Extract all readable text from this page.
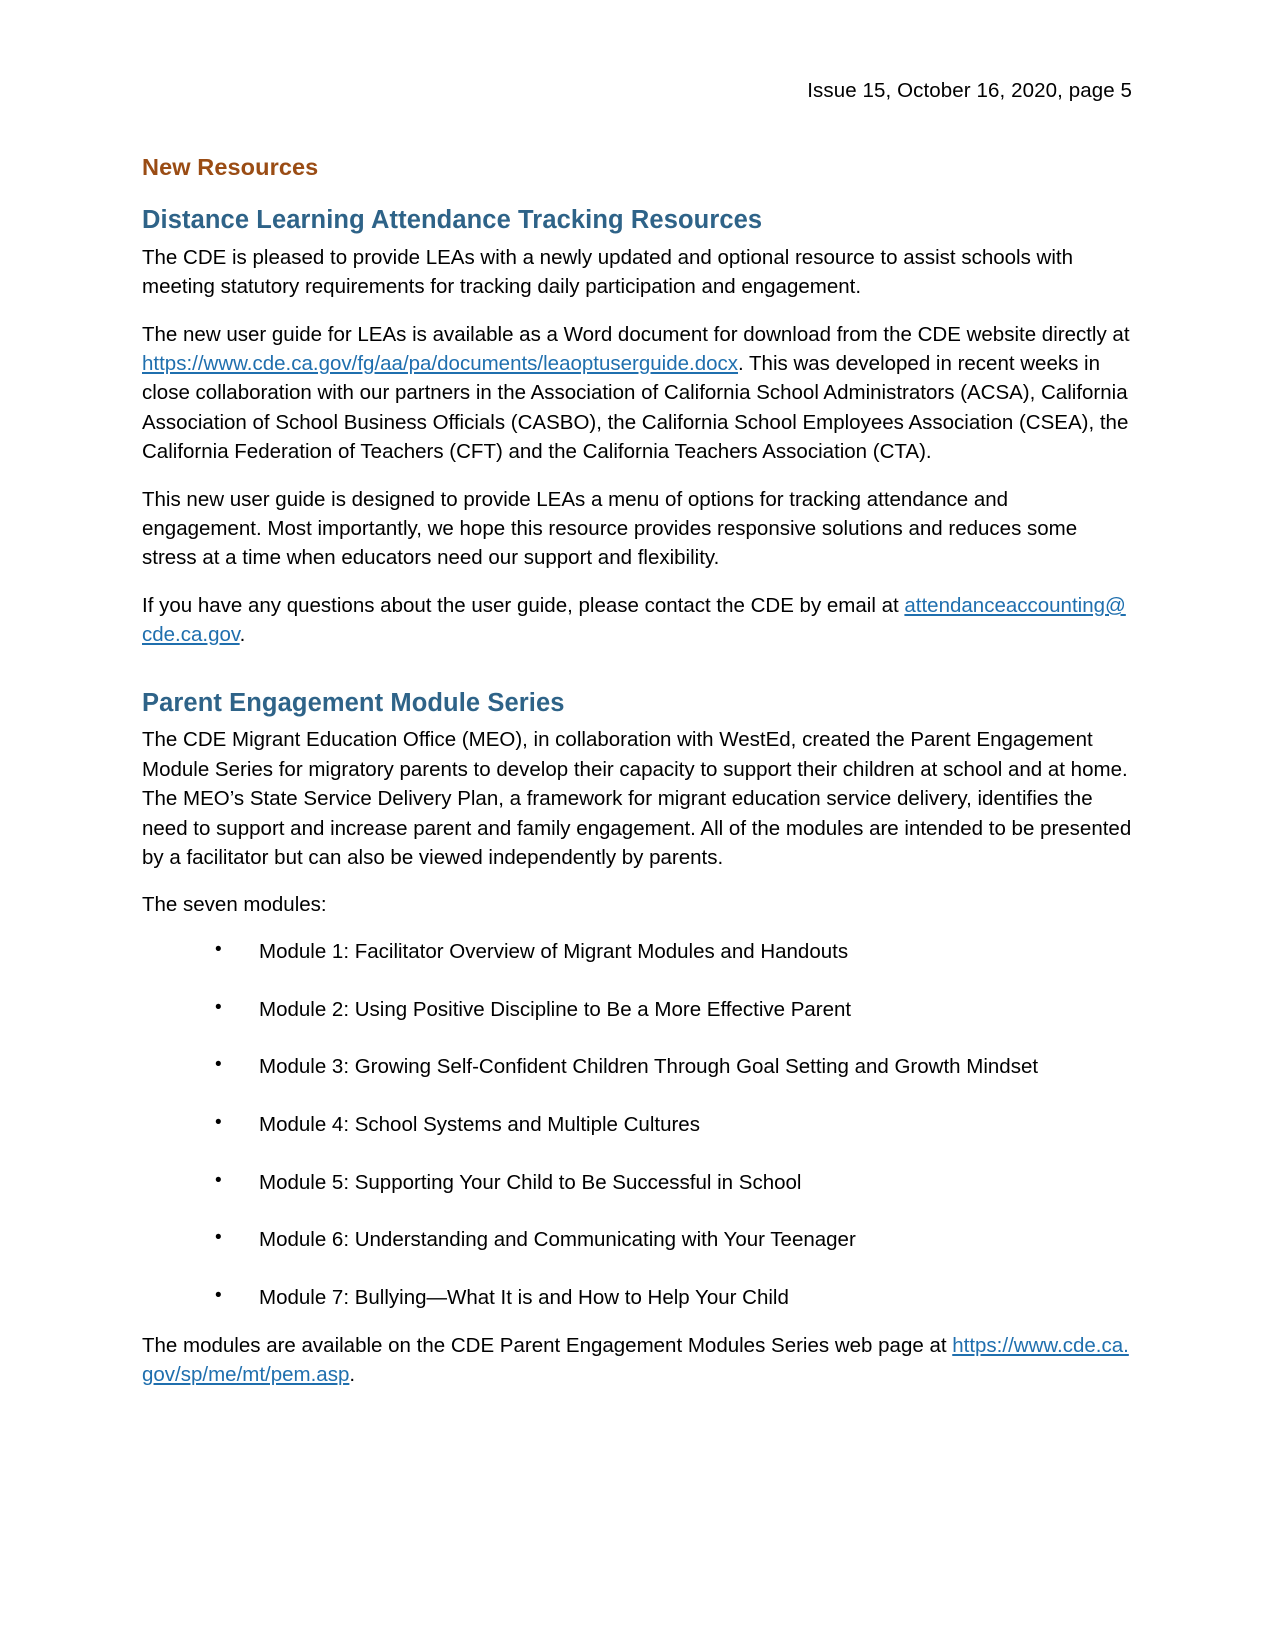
Issue 15, October 16, 2020, page 5
New Resources
Distance Learning Attendance Tracking Resources

The CDE is pleased to provide LEAs with a newly updated and optional resource to assist schools with meeting statutory requirements for tracking daily participation and engagement.

The new user guide for LEAs is available as a Word document for download from the CDE website directly at https://www.cde.ca.gov/fg/aa/pa/documents/leaoptuserguide.docx. This was developed in recent weeks in close collaboration with our partners in the Association of California School Administrators (ACSA), California Association of School Business Officials (CASBO), the California School Employees Association (CSEA), the California Federation of Teachers (CFT) and the California Teachers Association (CTA).

This new user guide is designed to provide LEAs a menu of options for tracking attendance and engagement. Most importantly, we hope this resource provides responsive solutions and reduces some stress at a time when educators need our support and flexibility.

If you have any questions about the user guide, please contact the CDE by email at attendanceaccounting@cde.ca.gov.

Parent Engagement Module Series

The CDE Migrant Education Office (MEO), in collaboration with WestEd, created the Parent Engagement Module Series for migratory parents to develop their capacity to support their children at school and at home. The MEO’s State Service Delivery Plan, a framework for migrant education service delivery, identifies the need to support and increase parent and family engagement. All of the modules are intended to be presented by a facilitator but can also be viewed independently by parents.

The seven modules:

• Module 1: Facilitator Overview of Migrant Modules and Handouts
• Module 2: Using Positive Discipline to Be a More Effective Parent
• Module 3: Growing Self-Confident Children Through Goal Setting and Growth Mindset
• Module 4: School Systems and Multiple Cultures
• Module 5: Supporting Your Child to Be Successful in School
• Module 6: Understanding and Communicating with Your Teenager
• Module 7: Bullying—What It is and How to Help Your Child

The modules are available on the CDE Parent Engagement Modules Series web page at https://www.cde.ca.gov/sp/me/mt/pem.asp.
